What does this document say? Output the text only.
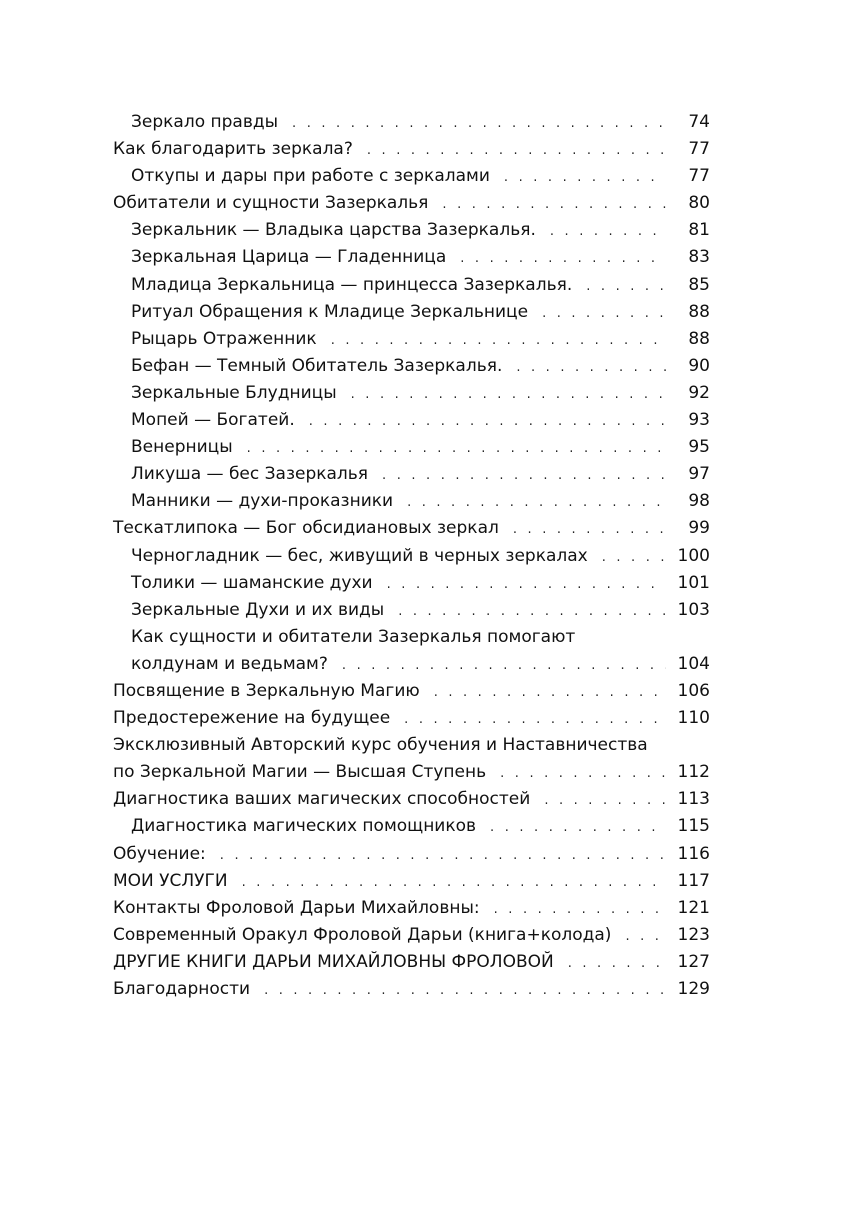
Зеркало правды . . .	74
Как благодарить зеркала? . . .	77
Откупы и дары при работе с зеркалами . . .	77
Обитатели и сущности Зазеркалья . . .	80
Зеркальник — Владыка царства Зазеркалья. . . .	81
Зеркальная Царица — Гладенница . . .	83
Младица Зеркальница — принцесса Зазеркалья. . . .	85
Ритуал Обращения к Младице Зеркальнице . . .	88
Рыцарь Отраженник . . .	88
Бефан — Темный Обитатель Зазеркалья. . . .	90
Зеркальные Блудницы . . .	92
Мопей — Богатей. . . .	93
Венерницы . . .	95
Ликуша — бес Зазеркалья . . .	97
Манники — духи-проказники . . .	98
Тескатлипока — Бог обсидиановых зеркал . . .	99
Черногладник — бес, живущий в черных зеркалах . . .	100
Толики — шаманские духи . . .	101
Зеркальные Духи и их виды . . .	103
Как сущности и обитатели Зазеркалья помогают
колдунам и ведьмам? . . .	104
Посвящение в Зеркальную Магию . . .	106
Предостережение на будущее . . .	110
Эксклюзивный Авторский курс обучения и Наставничества
по Зеркальной Магии — Высшая Ступень . . .	112
Диагностика ваших магических способностей . . .	113
Диагностика магических помощников . . .	115
Обучение: . . .	116
МОИ УСЛУГИ . . .	117
Контакты Фроловой Дарьи Михайловны: . . .	121
Современный Оракул Фроловой Дарьи (книга+колода) . . .	123
ДРУГИЕ КНИГИ ДАРЬИ МИХАЙЛОВНЫ ФРОЛОВОЙ . . .	127
Благодарности . . .	129
